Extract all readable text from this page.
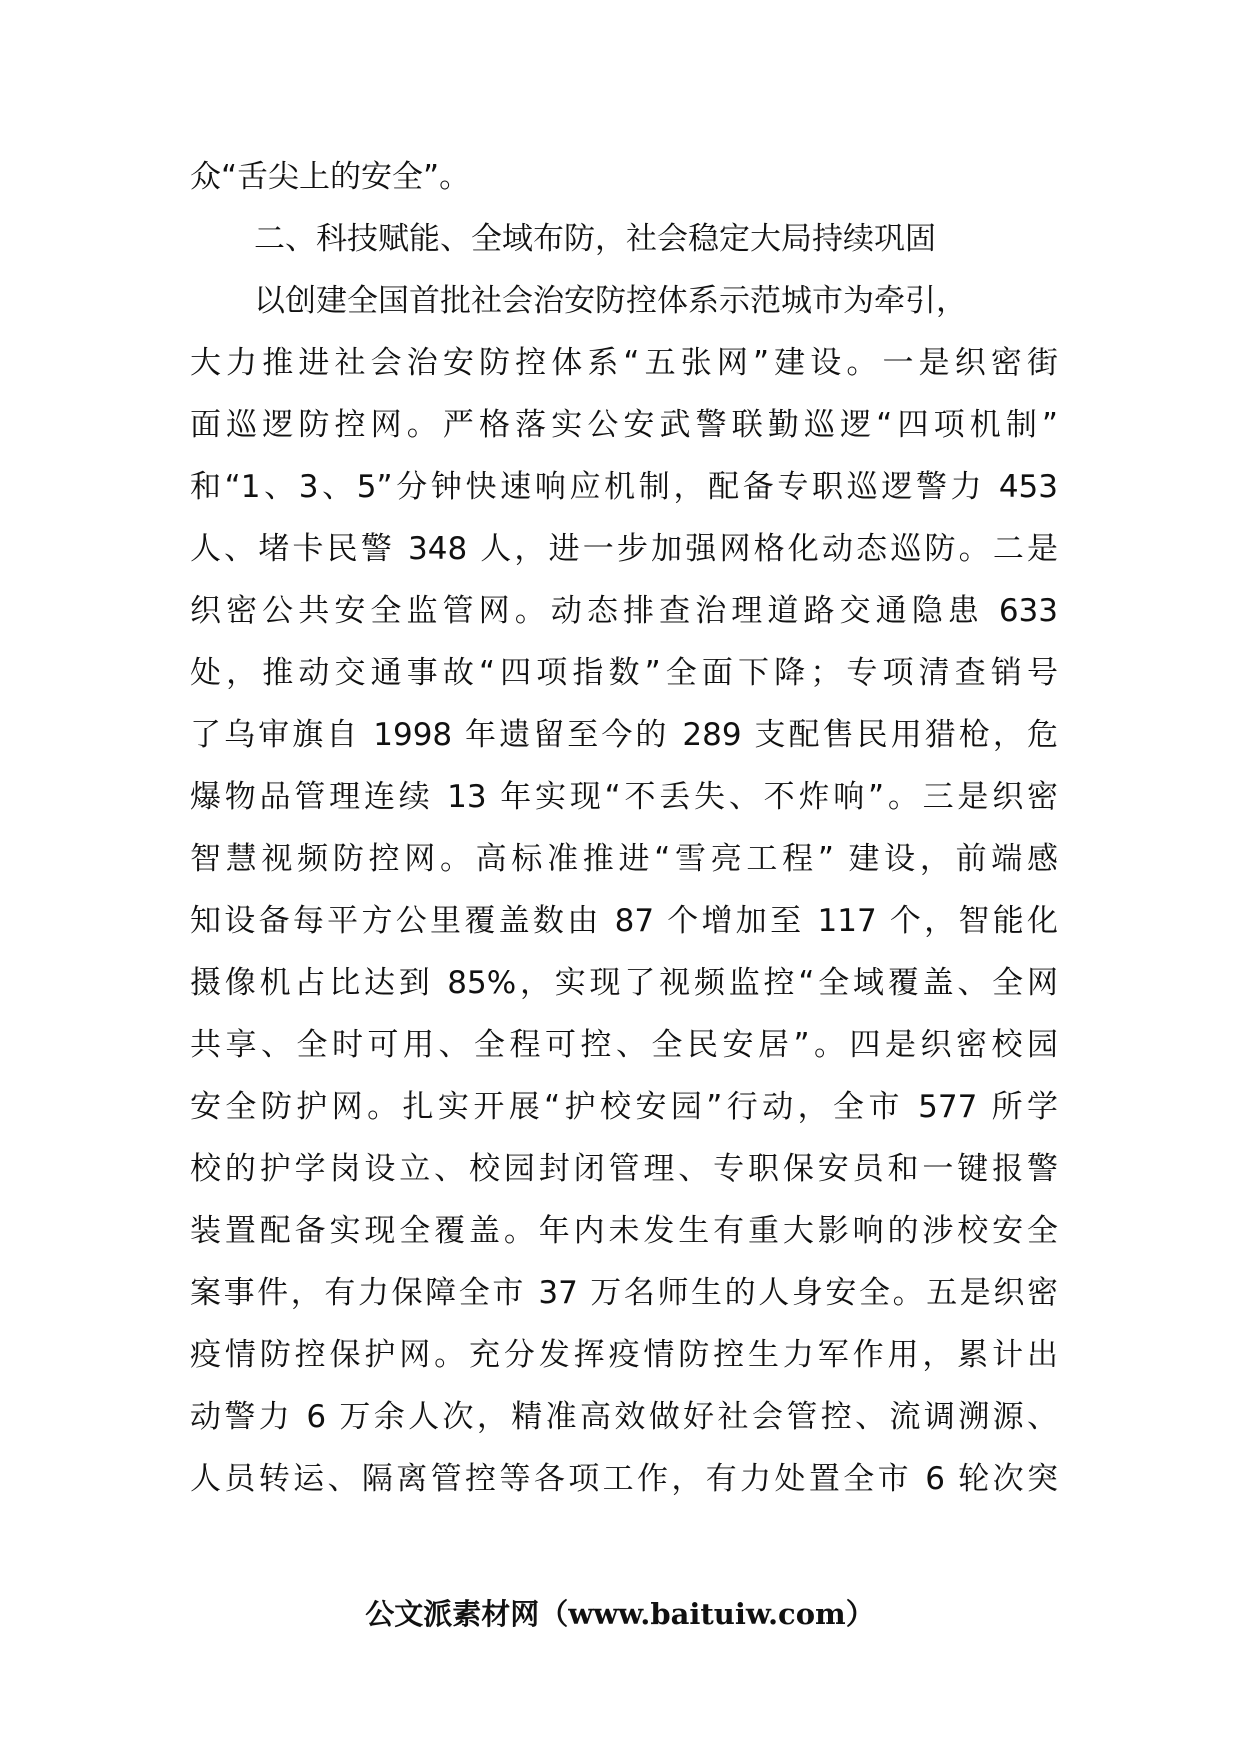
众“舌尖上的安全”。
二、科技赋能、全域布防，社会稳定大局持续巩固
以创建全国首批社会治安防控体系示范城市为牵引，
大力推进社会治安防控体系“五张网”建设。一是织密街
面巡逻防控网。严格落实公安武警联勤巡逻“四项机制”
和“1、3、5”分钟快速响应机制，配备专职巡逻警力 453
人、堵卡民警 348 人，进一步加强网格化动态巡防。二是
织密公共安全监管网。动态排查治理道路交通隐患 633
处，推动交通事故“四项指数”全面下降；专项清查销号
了乌审旗自 1998 年遗留至今的 289 支配售民用猎枪，危
爆物品管理连续 13 年实现“不丢失、不炸响”。三是织密
智慧视频防控网。高标准推进“雪亮工程” 建设，前端感
知设备每平方公里覆盖数由 87 个增加至 117 个，智能化
摄像机占比达到 85%，实现了视频监控“全域覆盖、全网
共享、全时可用、全程可控、全民安居”。四是织密校园
安全防护网。扎实开展“护校安园”行动，全市 577 所学
校的护学岗设立、校园封闭管理、专职保安员和一键报警
装置配备实现全覆盖。年内未发生有重大影响的涉校安全
案事件，有力保障全市 37 万名师生的人身安全。五是织密
疫情防控保护网。充分发挥疫情防控生力军作用，累计出
动警力 6 万余人次，精准高效做好社会管控、流调溯源、
人员转运、隔离管控等各项工作，有力处置全市 6 轮次突
公文派素材网（www.baituiw.com）
